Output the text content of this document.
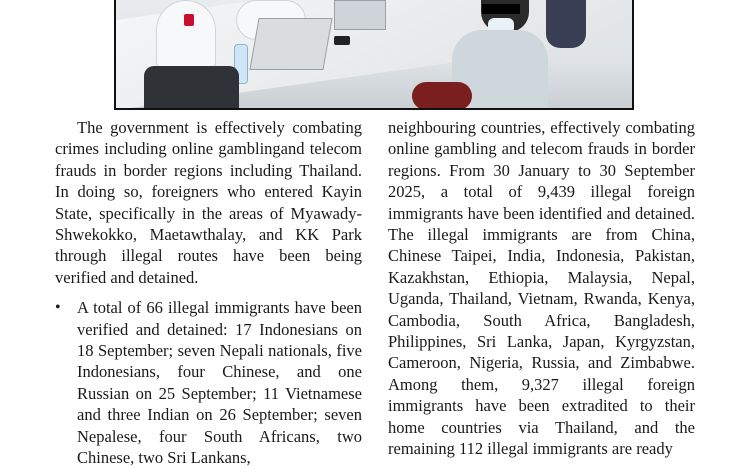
The government is effectively combating crimes including online gamblingand telecom frauds in border regions including Thailand. In doing so, foreigners who entered Kayin State, specifically in the areas of Myawady-Shwekokko, Maetawthalay, and KK Park through illegal routes have been being verified and detained.

• A total of 66 illegal immigrants have been verified and detained: 17 Indonesians on 18 September; seven Nepali nationals, five Indonesians, four Chinese, and one Russian on 25 September; 11 Vietnamese and three Indian on 26 September; seven Nepalese, four South Africans, two Chinese, two Sri Lankans,

neighbouring countries, effectively combating online gambling and telecom frauds in border regions. From 30 January to 30 September 2025, a total of 9,439 illegal foreign immigrants have been identified and detained. The illegal immigrants are from China, Chinese Taipei, India, Indonesia, Pakistan, Kazakhstan, Ethiopia, Malaysia, Nepal, Uganda, Thailand, Vietnam, Rwanda, Kenya, Cambodia, South Africa, Bangladesh, Philippines, Sri Lanka, Japan, Kyrgyzstan, Cameroon, Nigeria, Russia, and Zimbabwe. Among them, 9,327 illegal foreign immigrants have been extradited to their home countries via Thailand, and the remaining 112 illegal immigrants are ready
